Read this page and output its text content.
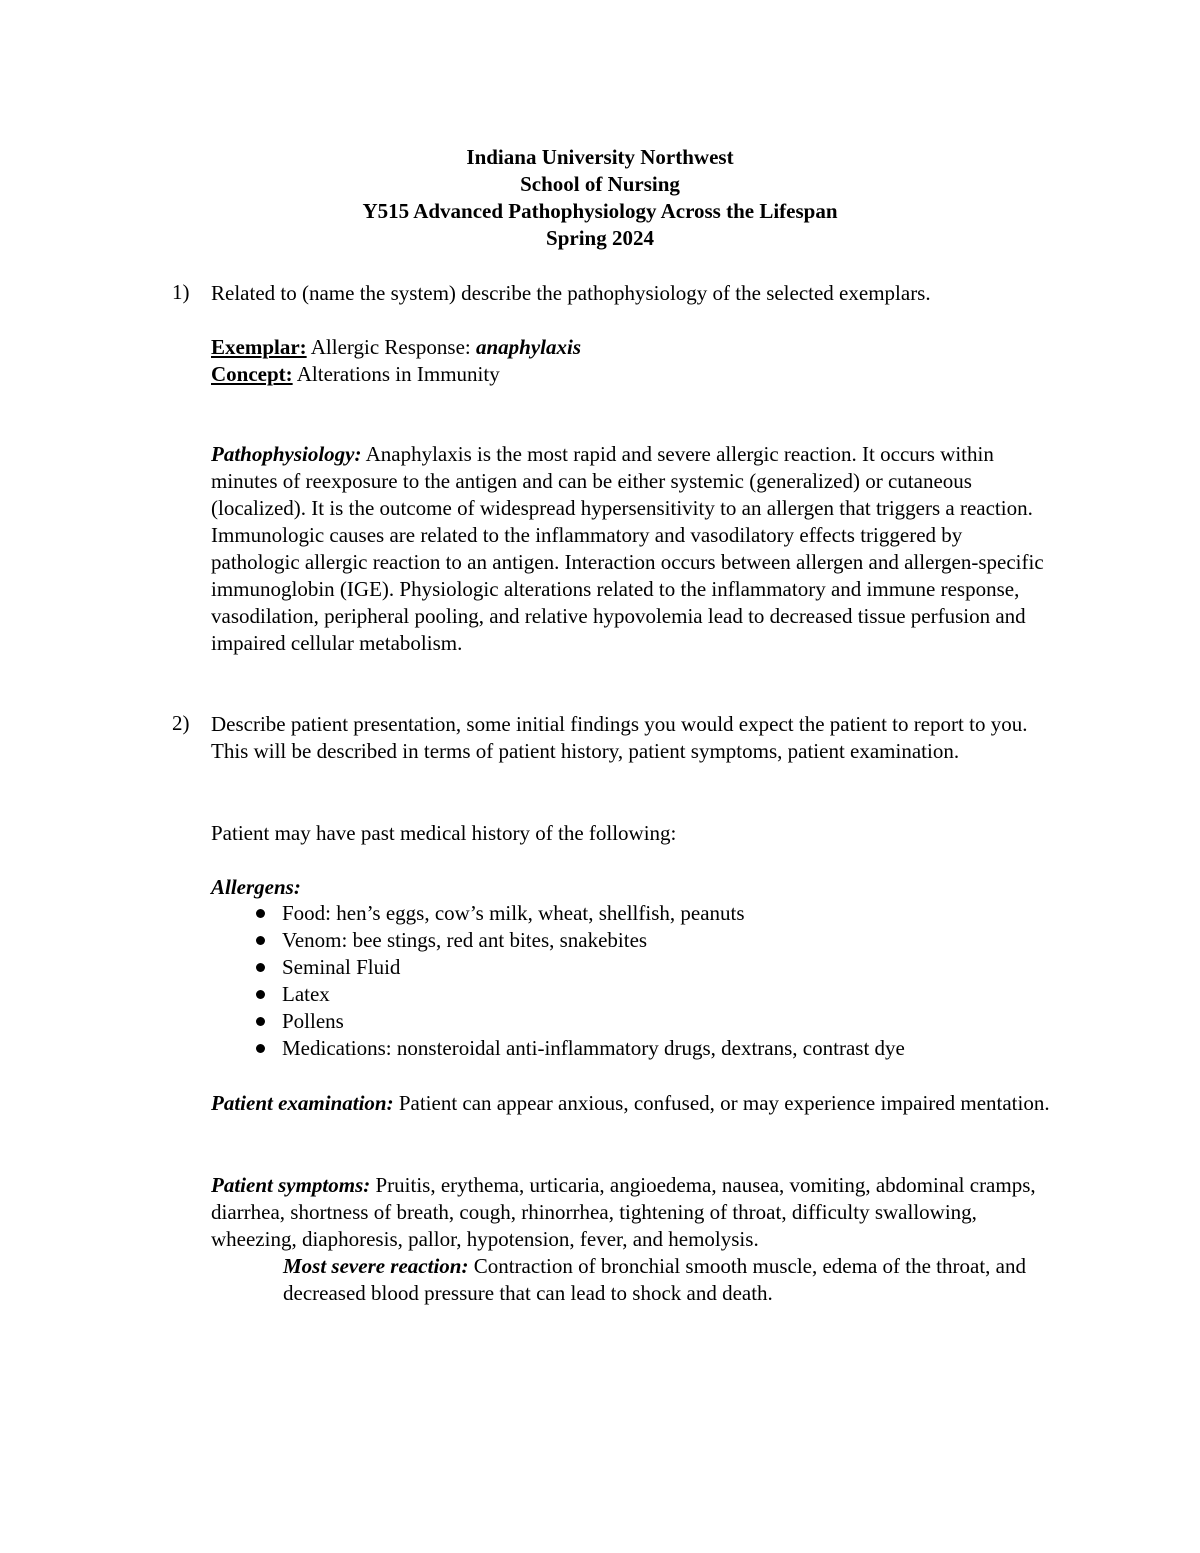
Indiana University Northwest
School of Nursing
Y515 Advanced Pathophysiology Across the Lifespan
Spring 2024
1) Related to (name the system) describe the pathophysiology of the selected exemplars.
Exemplar: Allergic Response: anaphylaxis
Concept: Alterations in Immunity
Pathophysiology: Anaphylaxis is the most rapid and severe allergic reaction. It occurs within minutes of reexposure to the antigen and can be either systemic (generalized) or cutaneous (localized). It is the outcome of widespread hypersensitivity to an allergen that triggers a reaction. Immunologic causes are related to the inflammatory and vasodilatory effects triggered by pathologic allergic reaction to an antigen. Interaction occurs between allergen and allergen-specific immunoglobin (IGE). Physiologic alterations related to the inflammatory and immune response, vasodilation, peripheral pooling, and relative hypovolemia lead to decreased tissue perfusion and impaired cellular metabolism.
2) Describe patient presentation, some initial findings you would expect the patient to report to you. This will be described in terms of patient history, patient symptoms, patient examination.
Patient may have past medical history of the following:
Allergens:
Food: hen’s eggs, cow’s milk, wheat, shellfish, peanuts
Venom: bee stings, red ant bites, snakebites
Seminal Fluid
Latex
Pollens
Medications: nonsteroidal anti-inflammatory drugs, dextrans, contrast dye
Patient examination: Patient can appear anxious, confused, or may experience impaired mentation.
Patient symptoms: Pruitis, erythema, urticaria, angioedema, nausea, vomiting, abdominal cramps, diarrhea, shortness of breath, cough, rhinorrhea, tightening of throat, difficulty swallowing, wheezing, diaphoresis, pallor, hypotension, fever, and hemolysis.
Most severe reaction: Contraction of bronchial smooth muscle, edema of the throat, and decreased blood pressure that can lead to shock and death.
